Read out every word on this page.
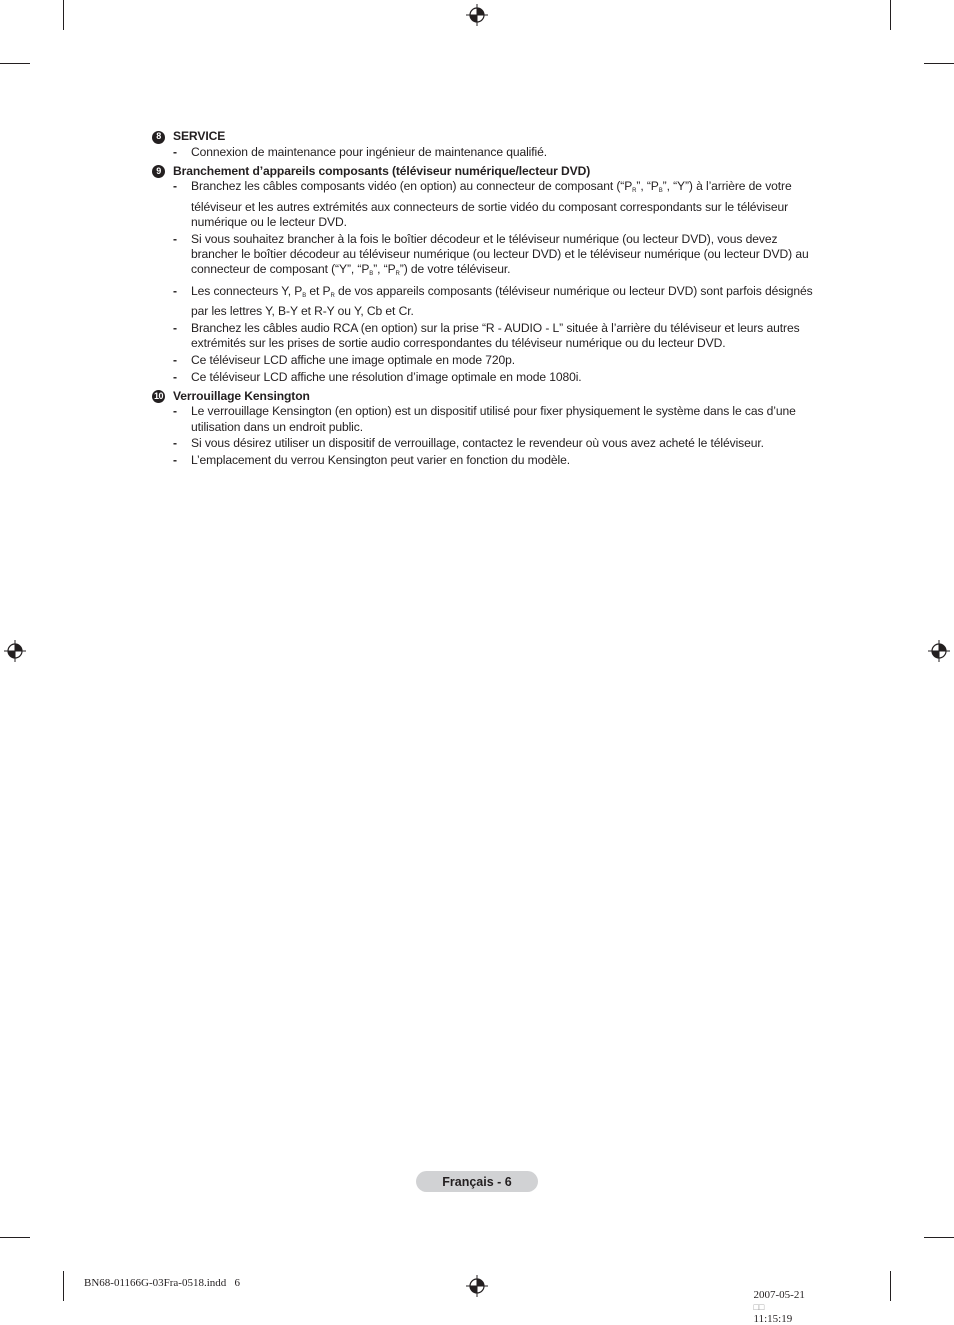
8	SERVICE
-	Connexion de maintenance pour ingénieur de maintenance qualifié.
9	Branchement d’appareils composants (téléviseur numérique/lecteur DVD)
-	Branchez les câbles composants vidéo (en option) au connecteur de composant (“$P_R$”, “$P_B$”, “Y”) à l’arrière de votre téléviseur et les autres extrémités aux connecteurs de sortie vidéo du composant correspondants sur le téléviseur numérique ou le lecteur DVD.
-	Si vous souhaitez brancher à la fois le boîtier décodeur et le téléviseur numérique (ou lecteur DVD), vous devez brancher le boîtier décodeur au téléviseur numérique (ou lecteur DVD) et le téléviseur numérique (ou lecteur DVD) au connecteur de composant (“Y”, “$P_B$”, “$P_R$”) de votre téléviseur.
-	Les connecteurs Y, $P_B$ et $P_R$ de vos appareils composants (téléviseur numérique ou lecteur DVD) sont parfois désignés par les lettres Y, B-Y et R-Y ou Y, Cb et Cr.
-	Branchez les câbles audio RCA (en option) sur la prise “R - AUDIO - L” située à l’arrière du téléviseur et leurs autres extrémités sur les prises de sortie audio correspondantes du téléviseur numérique ou du lecteur DVD.
-	Ce téléviseur LCD affiche une image optimale en mode 720p.
-	Ce téléviseur LCD affiche une résolution d’image optimale en mode 1080i.
10 Verrouillage Kensington
-	Le verrouillage Kensington (en option) est un dispositif utilisé pour fixer physiquement le système dans le cas d’une utilisation dans un endroit public.
-	Si vous désirez utiliser un dispositif de verrouillage, contactez le revendeur où vous avez acheté le téléviseur.
-	L’emplacement du verrou Kensington peut varier en fonction du modèle.
Français - 6
BN68-01166G-03Fra-0518.indd   6

2007-05-21
□□
11:15:19
